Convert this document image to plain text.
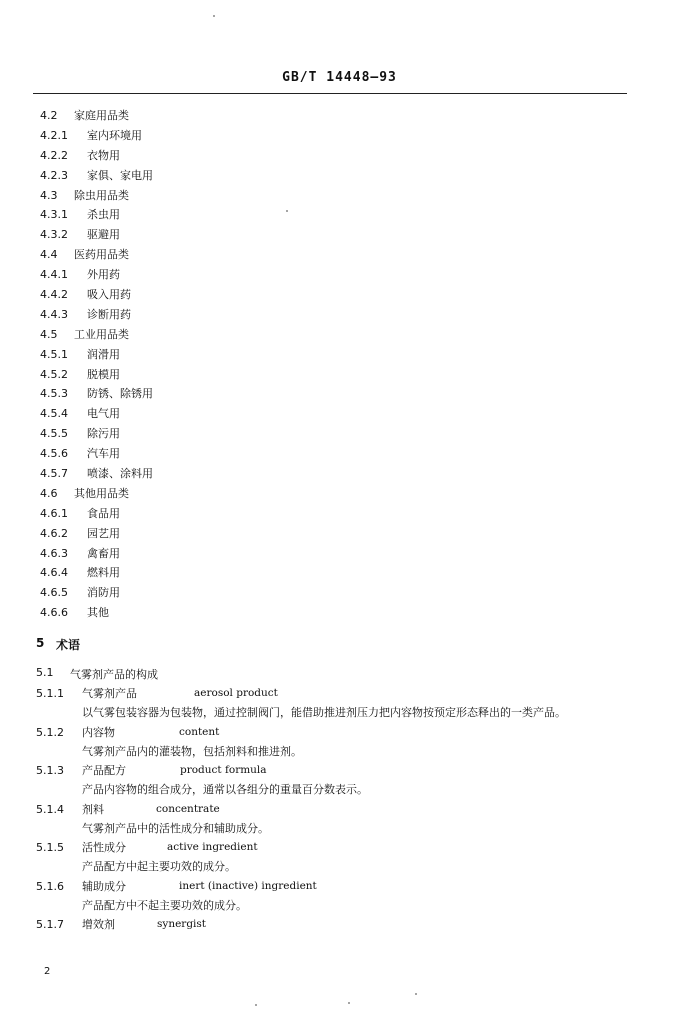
GB/T 14448—93
4.2 家庭用品类
4.2.1 室内环境用
4.2.2 衣物用
4.2.3 家俱、家电用
4.3 除虫用品类
4.3.1 杀虫用
4.3.2 驱避用
4.4 医药用品类
4.4.1 外用药
4.4.2 吸入用药
4.4.3 诊断用药
4.5 工业用品类
4.5.1 润滑用
4.5.2 脱模用
4.5.3 防锈、除锈用
4.5.4 电气用
4.5.5 除污用
4.5.6 汽车用
4.5.7 喷漆、涂料用
4.6 其他用品类
4.6.1 食品用
4.6.2 园艺用
4.6.3 禽畜用
4.6.4 燃料用
4.6.5 消防用
4.6.6 其他
5 术语
5.1 气雾剂产品的构成
5.1.1 气雾剂产品	aerosol product
以气雾包装容器为包装物，通过控制阀门，能借助推进剂压力把内容物按预定形态释出的一类产品。
5.1.2 内容物	content
气雾剂产品内的灌装物，包括剂料和推进剂。
5.1.3 产品配方	product formula
产品内容物的组合成分，通常以各组分的重量百分数表示。
5.1.4 剂料	concentrate
气雾剂产品中的活性成分和辅助成分。
5.1.5 活性成分	active ingredient
产品配方中起主要功效的成分。
5.1.6 辅助成分	inert (inactive) ingredient
产品配方中不起主要功效的成分。
5.1.7 增效剂	synergist
2
